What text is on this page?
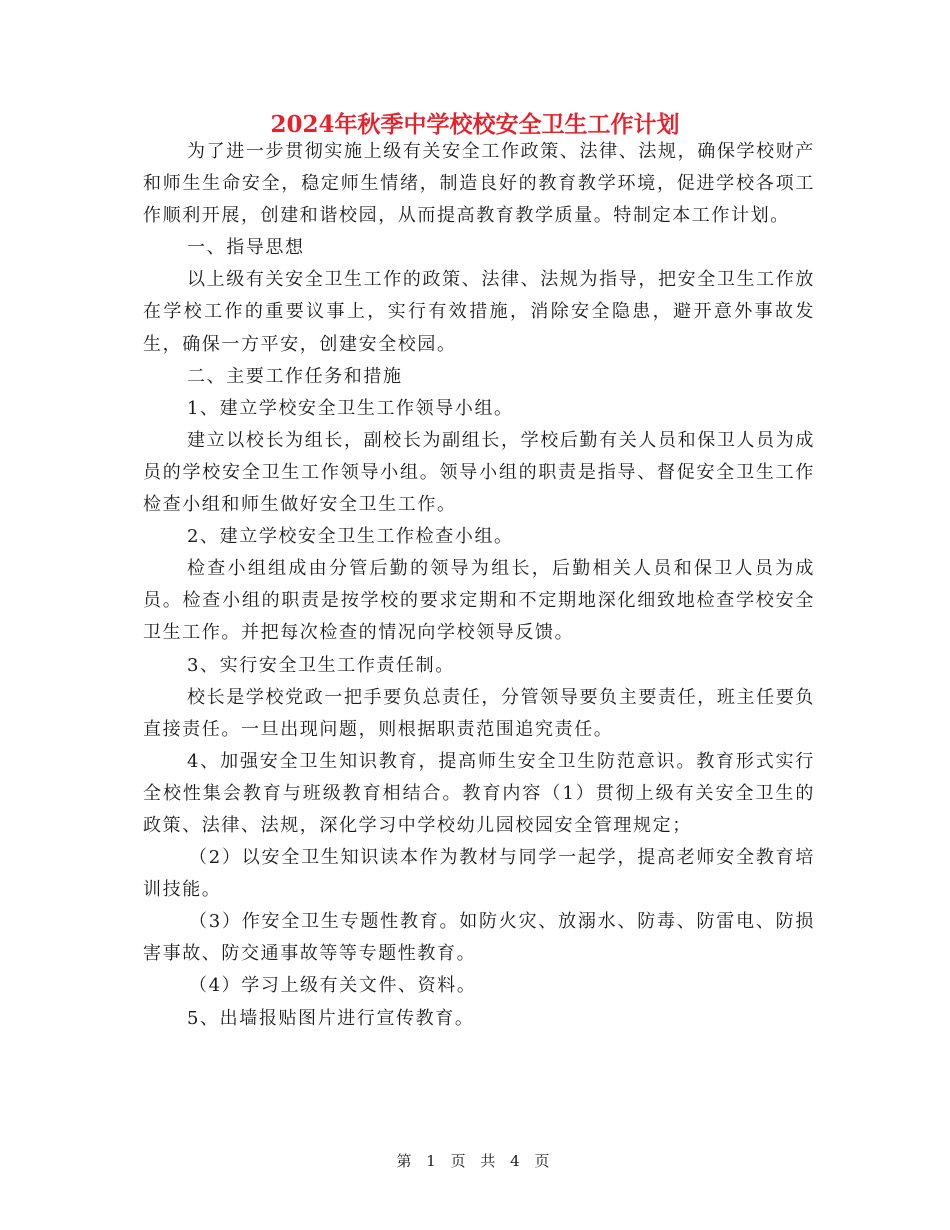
2024年秋季中学校校安全卫生工作计划

为了进一步贯彻实施上级有关安全工作政策、法律、法规，确保学校财产和师生生命安全，稳定师生情绪，制造良好的教育教学环境，促进学校各项工作顺利开展，创建和谐校园，从而提高教育教学质量。特制定本工作计划。

一、指导思想

以上级有关安全卫生工作的政策、法律、法规为指导，把安全卫生工作放在学校工作的重要议事上，实行有效措施，消除安全隐患，避开意外事故发生，确保一方平安，创建安全校园。

二、主要工作任务和措施

1、建立学校安全卫生工作领导小组。

建立以校长为组长，副校长为副组长，学校后勤有关人员和保卫人员为成员的学校安全卫生工作领导小组。领导小组的职责是指导、督促安全卫生工作检查小组和师生做好安全卫生工作。

2、建立学校安全卫生工作检查小组。

检查小组组成由分管后勤的领导为组长，后勤相关人员和保卫人员为成员。检查小组的职责是按学校的要求定期和不定期地深化细致地检查学校安全卫生工作。并把每次检查的情况向学校领导反馈。

3、实行安全卫生工作责任制。

校长是学校党政一把手要负总责任，分管领导要负主要责任，班主任要负直接责任。一旦出现问题，则根据职责范围追究责任。

4、加强安全卫生知识教育，提高师生安全卫生防范意识。教育形式实行全校性集会教育与班级教育相结合。教育内容（1）贯彻上级有关安全卫生的政策、法律、法规，深化学习中学校幼儿园校园安全管理规定；

（2）以安全卫生知识读本作为教材与同学一起学，提高老师安全教育培训技能。

（3）作安全卫生专题性教育。如防火灾、放溺水、防毒、防雷电、防损害事故、防交通事故等等专题性教育。

（4）学习上级有关文件、资料。

5、出墙报贴图片进行宣传教育。

第 1 页 共 4 页
